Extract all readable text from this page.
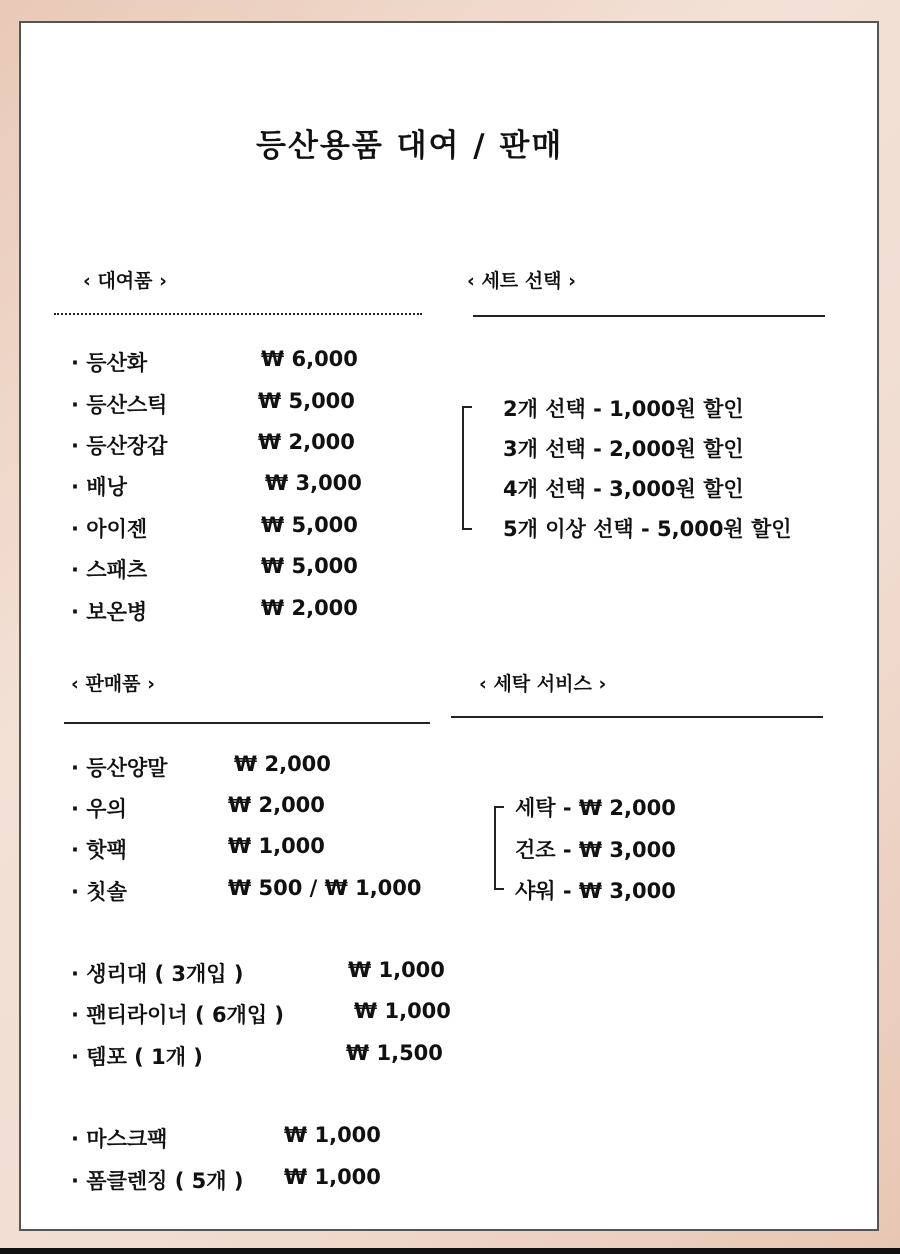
등산용품 대여 / 판매
‹ 대여품 ›
· 등산화	₩ 6,000
· 등산스틱	₩ 5,000
· 등산장갑	₩ 2,000
· 배낭	₩ 3,000
· 아이젠	₩ 5,000
· 스패츠	₩ 5,000
· 보온병	₩ 2,000
‹ 세트 선택 ›
2개 선택 - 1,000원 할인
3개 선택 - 2,000원 할인
4개 선택 - 3,000원 할인
5개 이상 선택 - 5,000원 할인
‹ 판매품 ›
· 등산양말	₩ 2,000
· 우의	₩ 2,000
· 핫팩	₩ 1,000
· 칫솔	₩ 500 / ₩ 1,000
· 생리대 ( 3개입 )	₩ 1,000
· 팬티라이너 ( 6개입 )	₩ 1,000
· 템포 ( 1개 )	₩ 1,500
· 마스크팩	₩ 1,000
· 폼클렌징 ( 5개 ) ₩ 1,000
‹ 세탁 서비스 ›
세탁 - ₩ 2,000
건조 - ₩ 3,000
샤워 - ₩ 3,000
